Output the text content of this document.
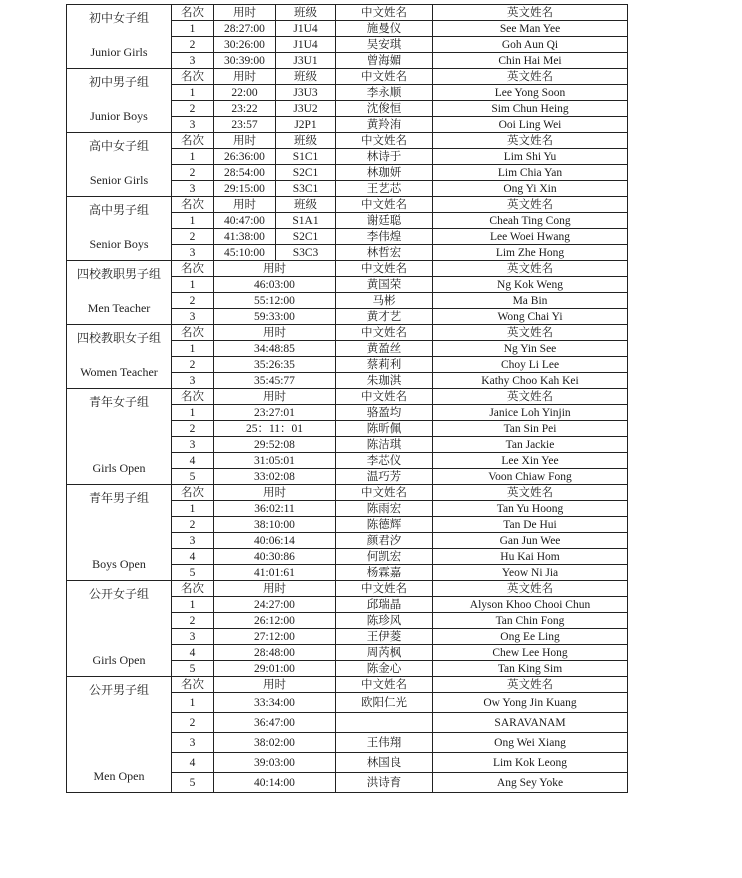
初中女子组
Junior Girls	名次	用时	班级	中文姓名	英文姓名
	1	28:27:00	J1U4	施曼仪	See Man Yee
	2	30:26:00	J1U4	吴安琪	Goh Aun Qi
	3	30:39:00	J3U1	曾海媚	Chin Hai Mei

初中男子组
Junior Boys	名次	用时	班级	中文姓名	英文姓名
	1	22:00	J3U3	李永顺	Lee Yong Soon
	2	23:22	J3U2	沈俊恒	Sim Chun Heing
	3	23:57	J2P1	黄羚洧	Ooi Ling Wei

高中女子组
Senior Girls	名次	用时	班级	中文姓名	英文姓名
	1	26:36:00	S1C1	林诗于	Lim Shi Yu
	2	28:54:00	S2C1	林珈妍	Lim Chia Yan
	3	29:15:00	S3C1	王艺芯	Ong Yi Xin

高中男子组
Senior Boys	名次	用时	班级	中文姓名	英文姓名
	1	40:47:00	S1A1	谢廷聪	Cheah Ting Cong
	2	41:38:00	S2C1	李伟煌	Lee Woei Hwang
	3	45:10:00	S3C3	林哲宏	Lim Zhe Hong

四校教职男子组
Men Teacher	名次	用时		中文姓名	英文姓名
	1	46:03:00		黄国荣	Ng Kok Weng
	2	55:12:00		马彬	Ma Bin
	3	59:33:00		黄才艺	Wong Chai Yi

四校教职女子组
Women Teacher	名次	用时		中文姓名	英文姓名
	1	34:48:85		黄盈丝	Ng Yin See
	2	35:26:35		蔡莉利	Choy Li Lee
	3	35:45:77		朱珈淇	Kathy Choo Kah Kei

青年女子组
Girls Open	名次	用时		中文姓名	英文姓名
	1	23:27:01		骆盈均	Janice Loh Yinjin
	2	25：11：01		陈昕佩	Tan Sin Pei
	3	29:52:08		陈洁琪	Tan Jackie
	4	31:05:01		李芯仪	Lee Xin Yee
	5	33:02:08		温巧芳	Voon Chiaw Fong

青年男子组
Boys Open	名次	用时		中文姓名	英文姓名
	1	36:02:11		陈雨宏	Tan Yu Hoong
	2	38:10:00		陈德辉	Tan De Hui
	3	40:06:14		颜君汐	Gan Jun Wee
	4	40:30:86		何凯宏	Hu Kai Hom
	5	41:01:61		杨霖嘉	Yeow Ni Jia

公开女子组
Girls Open	名次	用时		中文姓名	英文姓名
	1	24:27:00		邱瑞晶	Alyson Khoo Chooi Chun
	2	26:12:00		陈珍风	Tan Chin Fong
	3	27:12:00		王伊菱	Ong Ee Ling
	4	28:48:00		周芮枫	Chew Lee Hong
	5	29:01:00		陈金心	Tan King Sim

公开男子组
Men Open	名次	用时		中文姓名	英文姓名
	1	33:34:00		欧阳仁光	Ow Yong Jin Kuang
	2	36:47:00			SARAVANAM
	3	38:02:00		王伟翔	Ong Wei Xiang
	4	39:03:00		林国良	Lim Kok Leong
	5	40:14:00		洪诗育	Ang Sey Yoke
